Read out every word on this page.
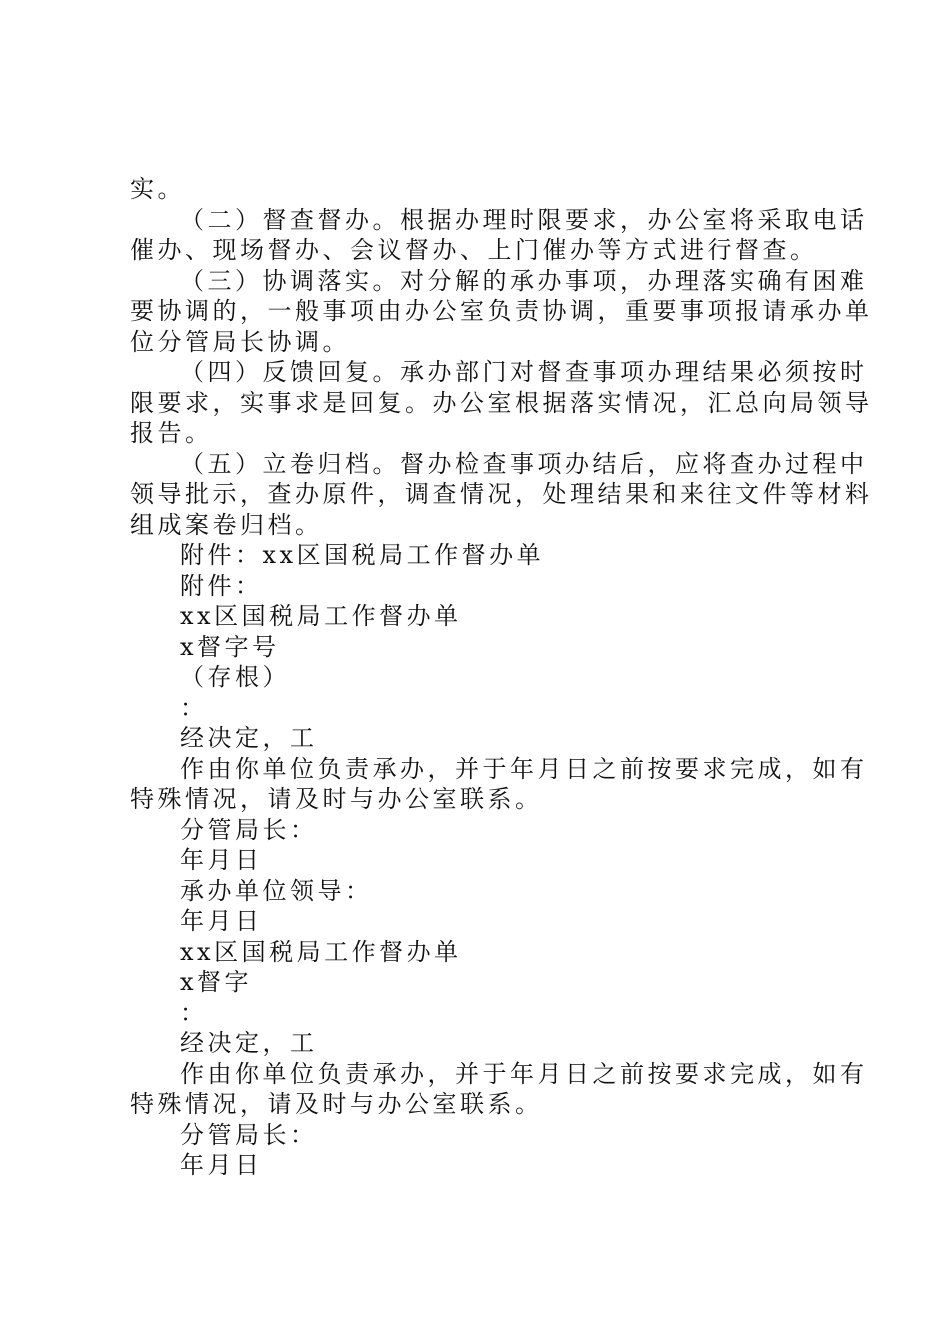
实。
（二）督查督办。根据办理时限要求，办公室将采取电话
催办、现场督办、会议督办、上门催办等方式进行督查。
（三）协调落实。对分解的承办事项，办理落实确有困难
要协调的，一般事项由办公室负责协调，重要事项报请承办单
位分管局长协调。
（四）反馈回复。承办部门对督查事项办理结果必须按时
限要求，实事求是回复。办公室根据落实情况，汇总向局领导
报告。
（五）立卷归档。督办检查事项办结后，应将查办过程中
领导批示，查办原件，调查情况，处理结果和来往文件等材料
组成案卷归档。
附件：xx区国税局工作督办单
附件：
xx区国税局工作督办单
x督字号
（存根）
：
经决定，工
作由你单位负责承办，并于年月日之前按要求完成，如有
特殊情况，请及时与办公室联系。
分管局长：
年月日
承办单位领导：
年月日
xx区国税局工作督办单
x督字
：
经决定，工
作由你单位负责承办，并于年月日之前按要求完成，如有
特殊情况，请及时与办公室联系。
分管局长：
年月日
